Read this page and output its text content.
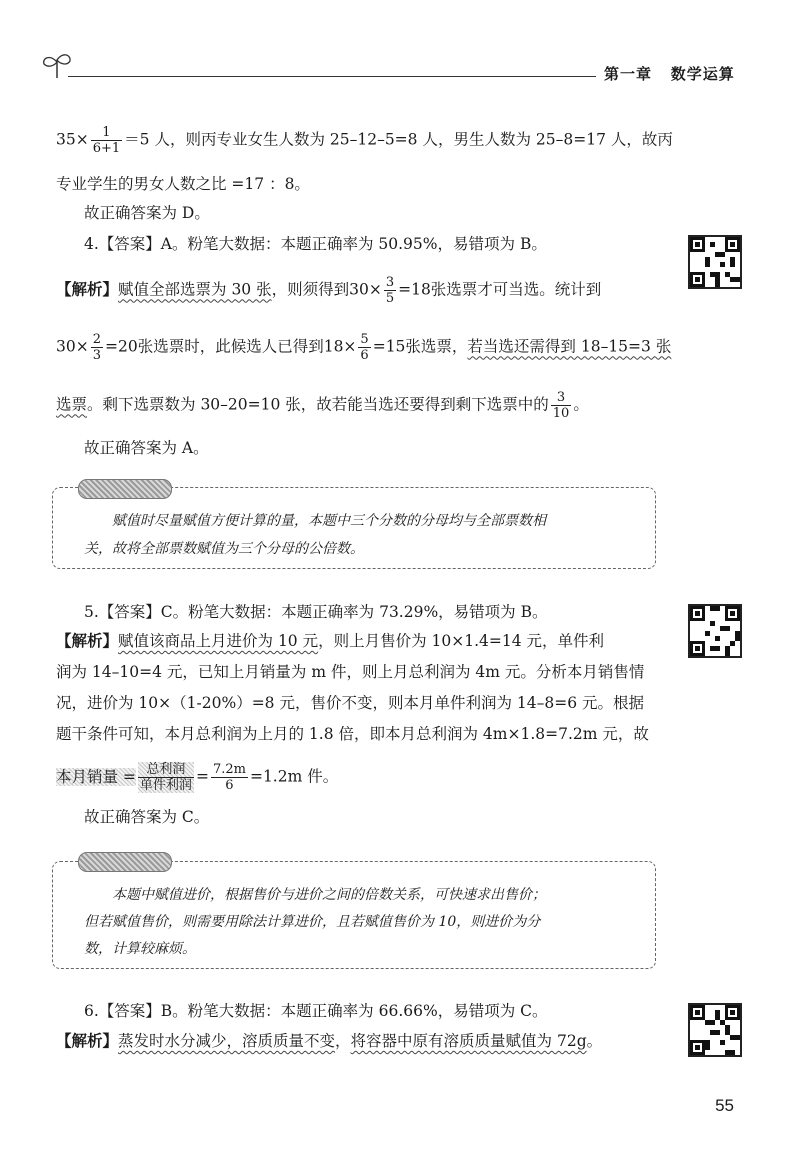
第一章 数学运算
$35\times \frac{1}{6+1} =5$ 人，则丙专业女生人数为 25–12–5=8 人，男生人数为 25–8=17 人，故丙
专业学生的男女人数之比 =17 ：8。
故正确答案为 D。
4.【答案】A。粉笔大数据：本题正确率为 50.95%，易错项为 B。
【解析】赋值全部选票为 30 张，则须得到$30\times \frac{3}{5} =18$张选票才可当选。统计到
$30\times \frac{2}{3} =20$张选票时，此候选人已得到$18\times \frac{5}{6} =15$张选票，若当选还需得到 18–15=3 张
选票。剩下选票数为 30–20=10 张，故若能当选还要得到剩下选票中的 $\frac{3}{10}$ 。
故正确答案为 A。
赋值时尽量赋值方便计算的量，本题中三个分数的分母均与全部票数相
关，故将全部票数赋值为三个分母的公倍数。
5.【答案】C。粉笔大数据：本题正确率为 73.29%，易错项为 B。
【解析】赋值该商品上月进价为 10 元，则上月售价为 10×1.4=14 元，单件利
润为 14–10=4 元，已知上月销量为 m 件，则上月总利润为 4m 元。分析本月销售情
况，进价为 10×（1-20%）=8 元，售价不变，则本月单件利润为 14–8=6 元。根据
题干条件可知，本月总利润为上月的 1.8 倍，即本月总利润为 4m×1.8=7.2m 元，故
本月销量 = $\frac{\text{总利润}}{\text{单件利润}} = \frac{7.2m}{6} =1.2m$ 件。
故正确答案为 C。
本题中赋值进价，根据售价与进价之间的倍数关系，可快速求出售价；
但若赋值售价，则需要用除法计算进价，且若赋值售价为 10，则进价为分
数，计算较麻烦。
6.【答案】B。粉笔大数据：本题正确率为 66.66%，易错项为 C。
【解析】蒸发时水分减少，溶质质量不变，将容器中原有溶质质量赋值为 72g。
55
